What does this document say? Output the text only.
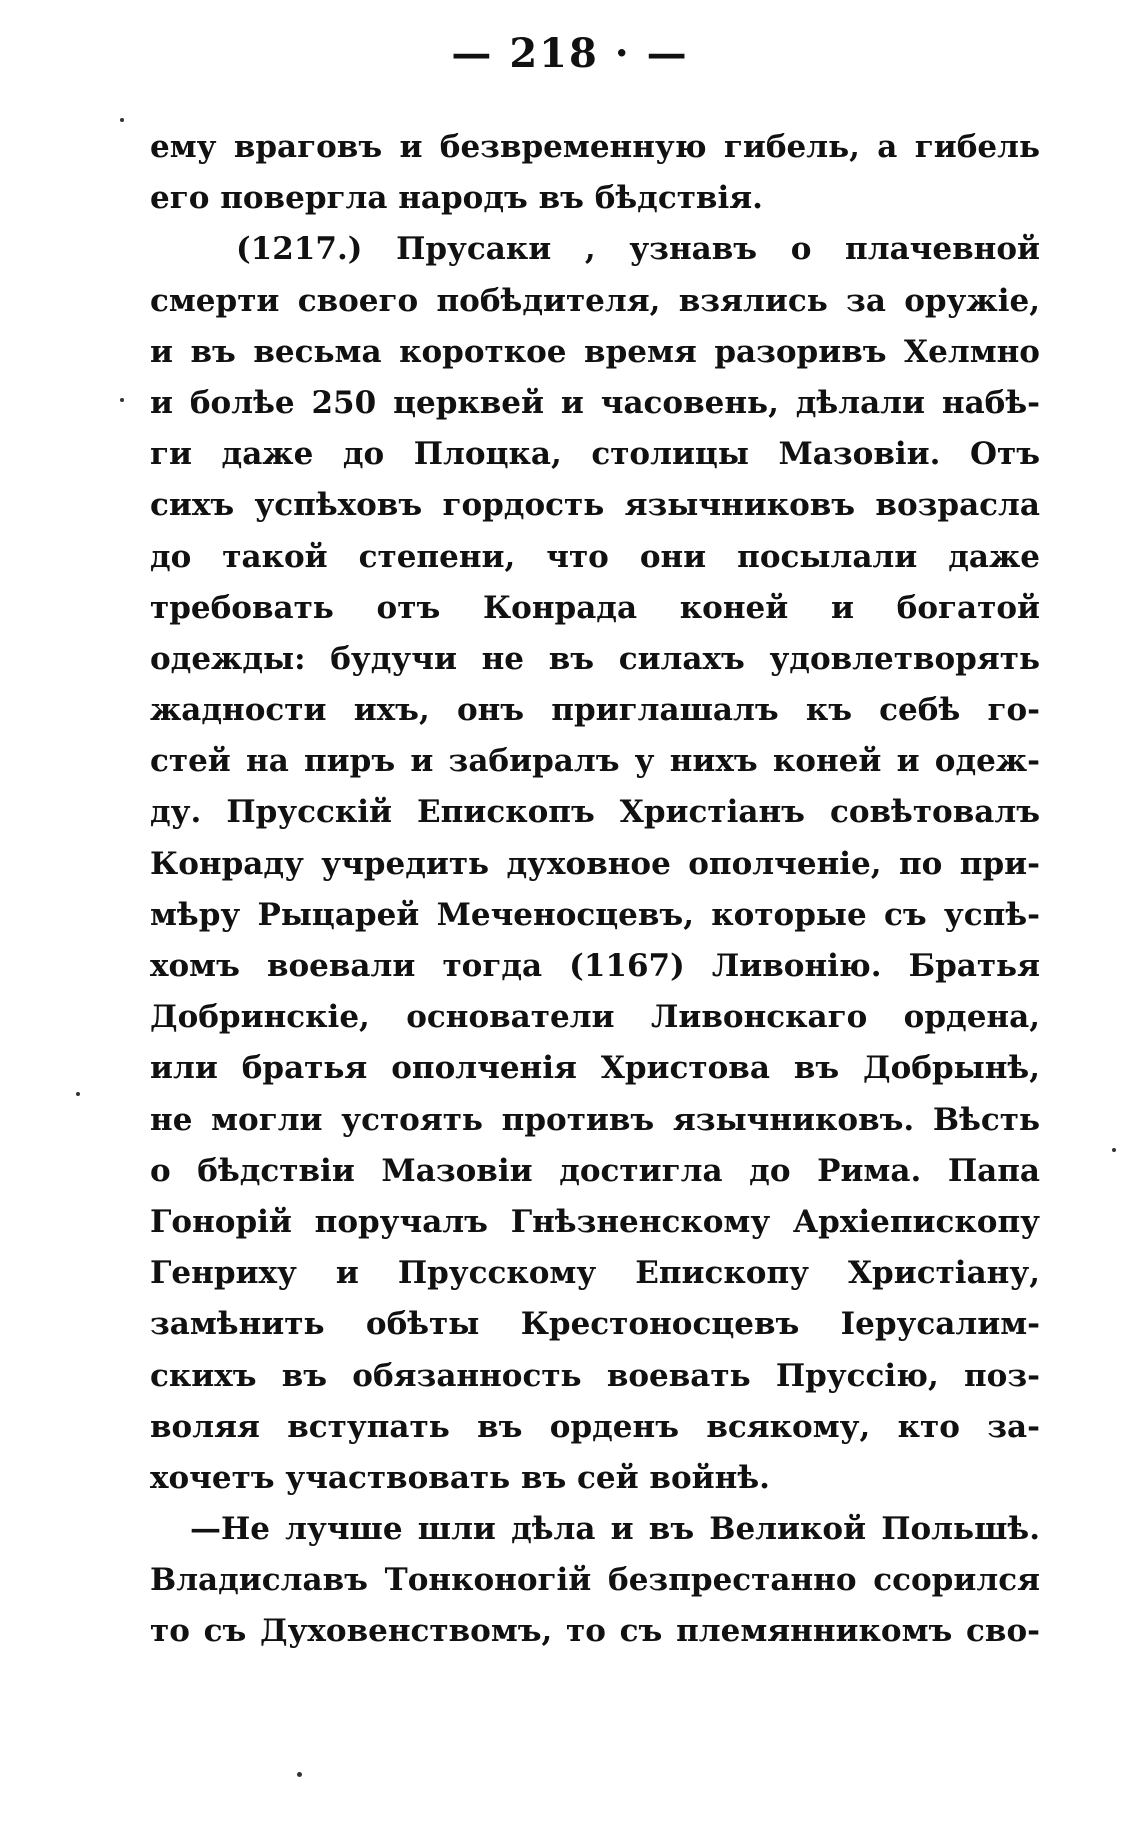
— 218 · —
ему враговъ и безвременную гибель, а гибель
его повергла народъ въ бѣдствія.
(1217.) Прусаки , узнавъ о плачевной
смерти своего побѣдителя, взялись за оружіе,
и въ весьма короткое время разоривъ Хелмно
и болѣе 250 церквей и часовень, дѣлали набѣ-
ги даже до Плоцка, столицы Мазовіи. Отъ
сихъ успѣховъ гордость язычниковъ возрасла
до такой степени, что они посылали даже
требовать отъ Конрада коней и богатой
одежды: будучи не въ силахъ удовлетворять
жадности ихъ, онъ приглашалъ къ себѣ го-
стей на пиръ и забиралъ у нихъ коней и одеж-
ду. Прусскій Епископъ Христіанъ совѣтовалъ
Конраду учредить духовное ополченіе, по при-
мѣру Рыцарей Меченосцевъ, которые съ успѣ-
хомъ воевали тогда (1167) Ливонію. Братья
Добринскіе, основатели Ливонскаго ордена,
или братья ополченія Христова въ Добрынѣ,
не могли устоять противъ язычниковъ. Вѣсть
о бѣдствіи Мазовіи достигла до Рима. Папа
Гонорій поручалъ Гнѣзненскому Архіепископу
Генриху и Прусскому Епископу Христіану,
замѣнить обѣты Крестоносцевъ Іерусалим-
скихъ въ обязанность воевать Пруссію, поз-
воляя вступать въ орденъ всякому, кто за-
хочетъ участвовать въ сей войнѣ.
—Не лучше шли дѣла и въ Великой Польшѣ.
Владиславъ Тонконогій безпрестанно ссорился
то съ Духовенствомъ, то съ племянникомъ сво-
